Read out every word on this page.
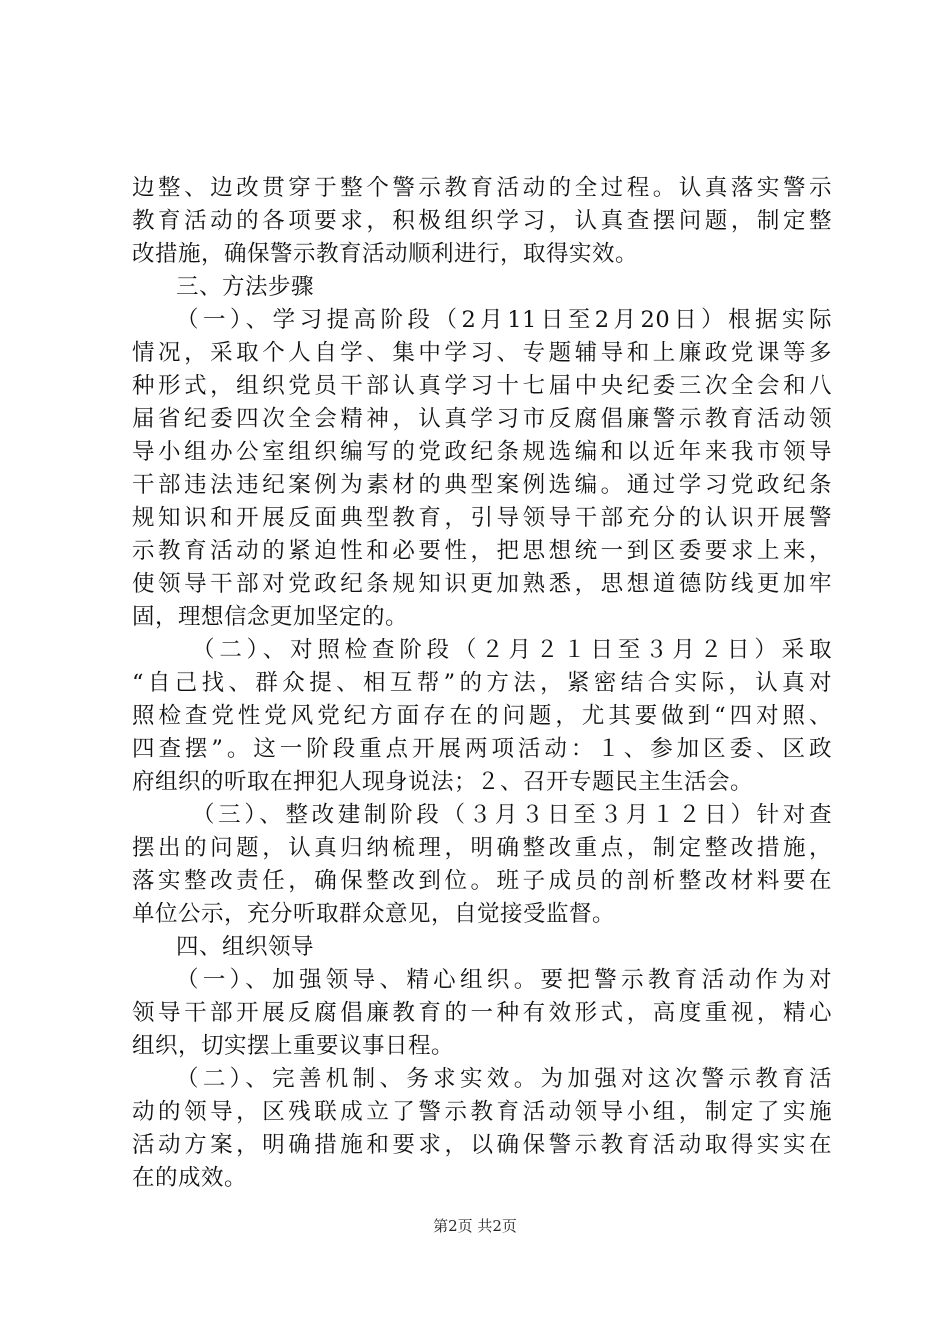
边整、边改贯穿于整个警示教育活动的全过程。认真落实警示
教育活动的各项要求，积极组织学习，认真查摆问题，制定整
改措施，确保警示教育活动顺利进行，取得实效。
三、方法步骤
（一）、学习提高阶段（2月11日至2月20日）根据实际
情况，采取个人自学、集中学习、专题辅导和上廉政党课等多
种形式，组织党员干部认真学习十七届中央纪委三次全会和八
届省纪委四次全会精神，认真学习市反腐倡廉警示教育活动领
导小组办公室组织编写的党政纪条规选编和以近年来我市领导
干部违法违纪案例为素材的典型案例选编。通过学习党政纪条
规知识和开展反面典型教育，引导领导干部充分的认识开展警
示教育活动的紧迫性和必要性，把思想统一到区委要求上来，
使领导干部对党政纪条规知识更加熟悉，思想道德防线更加牢
固，理想信念更加坚定的。
（二）、对照检查阶段（２月２１日至３月２日）采取
“自己找、群众提、相互帮”的方法，紧密结合实际，认真对
照检查党性党风党纪方面存在的问题，尤其要做到“四对照、
四查摆”。这一阶段重点开展两项活动：１、参加区委、区政
府组织的听取在押犯人现身说法；２、召开专题民主生活会。
（三）、整改建制阶段（３月３日至３月１２日）针对查
摆出的问题，认真归纳梳理，明确整改重点，制定整改措施，
落实整改责任，确保整改到位。班子成员的剖析整改材料要在
单位公示，充分听取群众意见，自觉接受监督。
四、组织领导
（一）、加强领导、精心组织。要把警示教育活动作为对
领导干部开展反腐倡廉教育的一种有效形式，高度重视，精心
组织，切实摆上重要议事日程。
（二）、完善机制、务求实效。为加强对这次警示教育活
动的领导，区残联成立了警示教育活动领导小组，制定了实施
活动方案，明确措施和要求，以确保警示教育活动取得实实在
在的成效。
第2页 共2页
